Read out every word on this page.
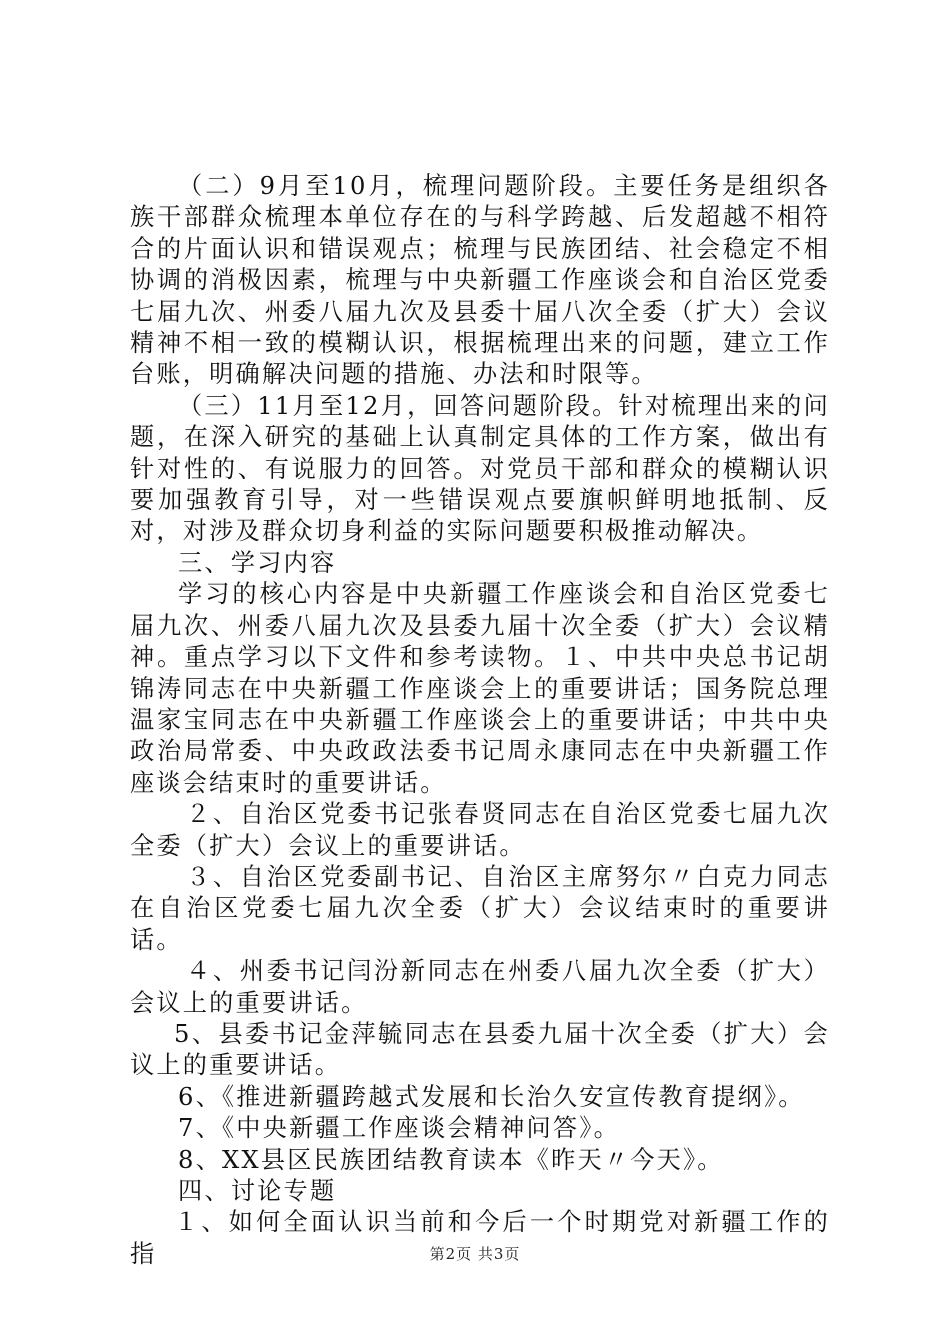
（二）9月至10月，梳理问题阶段。主要任务是组织各族干部群众梳理本单位存在的与科学跨越、后发超越不相符合的片面认识和错误观点；梳理与民族团结、社会稳定不相协调的消极因素，梳理与中央新疆工作座谈会和自治区党委七届九次、州委八届九次及县委十届八次全委（扩大）会议精神不相一致的模糊认识，根据梳理出来的问题，建立工作台账，明确解决问题的措施、办法和时限等。

（三）11月至12月，回答问题阶段。针对梳理出来的问题，在深入研究的基础上认真制定具体的工作方案，做出有针对性的、有说服力的回答。对党员干部和群众的模糊认识要加强教育引导，对一些错误观点要旗帜鲜明地抵制、反对，对涉及群众切身利益的实际问题要积极推动解决。

三、学习内容

学习的核心内容是中央新疆工作座谈会和自治区党委七届九次、州委八届九次及县委九届十次全委（扩大）会议精神。重点学习以下文件和参考读物。１、中共中央总书记胡锦涛同志在中央新疆工作座谈会上的重要讲话；国务院总理温家宝同志在中央新疆工作座谈会上的重要讲话；中共中央政治局常委、中央政政法委书记周永康同志在中央新疆工作座谈会结束时的重要讲话。

２、自治区党委书记张春贤同志在自治区党委七届九次全委（扩大）会议上的重要讲话。

３、自治区党委副书记、自治区主席努尔〃白克力同志在自治区党委七届九次全委（扩大）会议结束时的重要讲话。

４、州委书记闫汾新同志在州委八届九次全委（扩大）会议上的重要讲话。

5、县委书记金萍毓同志在县委九届十次全委（扩大）会议上的重要讲话。

6、《推进新疆跨越式发展和长治久安宣传教育提纲》。

7、《中央新疆工作座谈会精神问答》。

8、XX县区民族团结教育读本《昨天〃今天》。

四、讨论专题

１、如何全面认识当前和今后一个时期党对新疆工作的指	第2页 共3页
